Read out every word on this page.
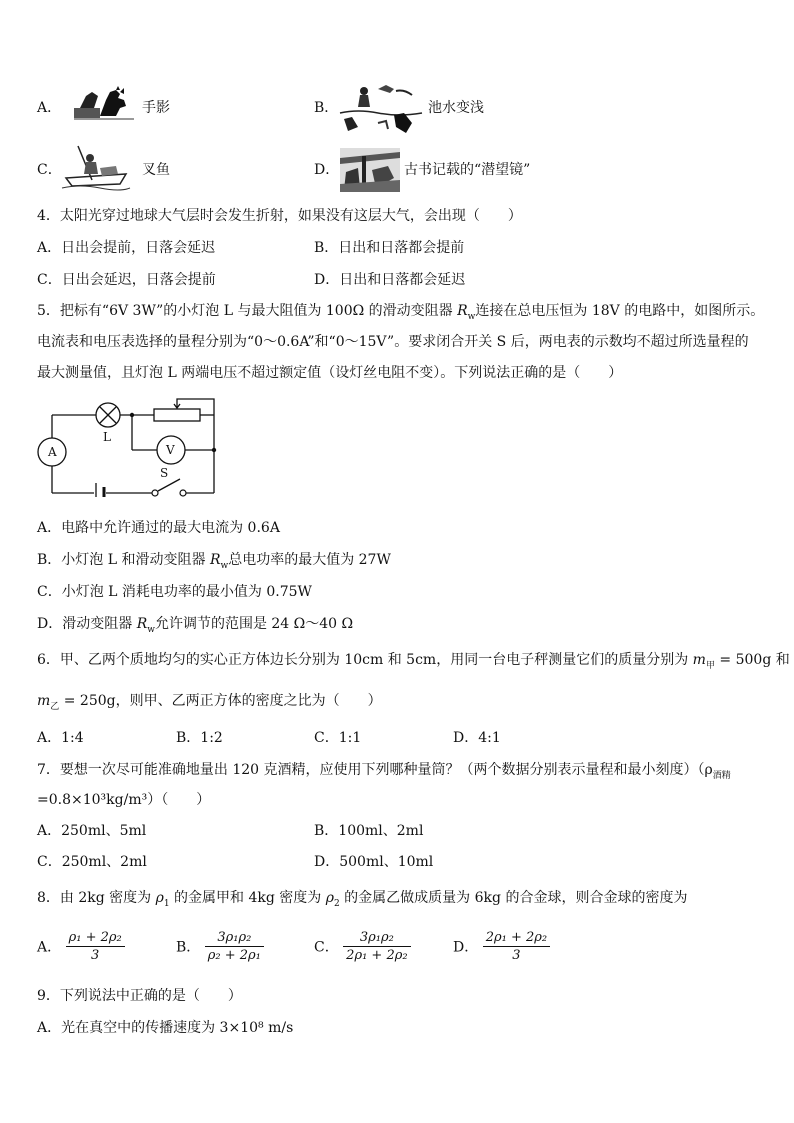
A．	手影	B．	池水变浅
C．	叉鱼	D．	古书记载的“潜望镜”
4．太阳光穿过地球大气层时会发生折射，如果没有这层大气，会出现（　　）
A．日出会提前，日落会延迟	B．日出和日落都会提前
C．日出会延迟，日落会提前	D．日出和日落都会延迟
5．把标有“6V 3W”的小灯泡 L 与最大阻值为 100Ω 的滑动变阻器 $R_w$连接在总电压恒为 18V 的电路中，如图所示。
电流表和电压表选择的量程分别为“0～0.6A”和“0～15V”。要求闭合开关 S 后，两电表的示数均不超过所选量程的
最大测量值，且灯泡 L 两端电压不超过额定值（设灯丝电阻不变）。下列说法正确的是（　　）
A	V
L
S
A．电路中允许通过的最大电流为 0.6A
B．小灯泡 L 和滑动变阻器 $R_w$总电功率的最大值为 27W
C．小灯泡 L 消耗电功率的最小值为 0.75W
D．滑动变阻器 $R_w$允许调节的范围是 24 Ω～40 Ω
6．甲、乙两个质地均匀的实心正方体边长分别为 10cm 和 5cm，用同一台电子秤测量它们的质量分别为 $m_甲 = 500g$ 和
$m_乙 = 250g$，则甲、乙两正方体的密度之比为（　　）
A．1:4	B．1:2	C．1:1	D．4:1
7．要想一次尽可能准确地量出 120 克酒精，应使用下列哪种量筒？（两个数据分别表示量程和最小刻度）（$\rho_{酒精}$
=0.8×10³kg/m³）（　　）
A．250ml、5ml	B．100ml、2ml
C．250ml、2ml	D．500ml、10ml
8．由 2kg 密度为 $\rho_1$ 的金属甲和 4kg 密度为 $\rho_2$ 的金属乙做成质量为 6kg 的合金球，则合金球的密度为
A． $\frac{\text{ρ₁ + 2ρ₂}}{3}$	B． $\frac{\text{3ρ₁ρ₂}}{\text{ρ₂ + 2ρ₁}}$	C． $\frac{\text{3ρ₁ρ₂}}{\text{2ρ₁ + 2ρ₂}}$	D． $\frac{\text{2ρ₁ + 2ρ₂}}{3}$
9．下列说法中正确的是（　　）
A．光在真空中的传播速度为 3×10⁸ m/s
